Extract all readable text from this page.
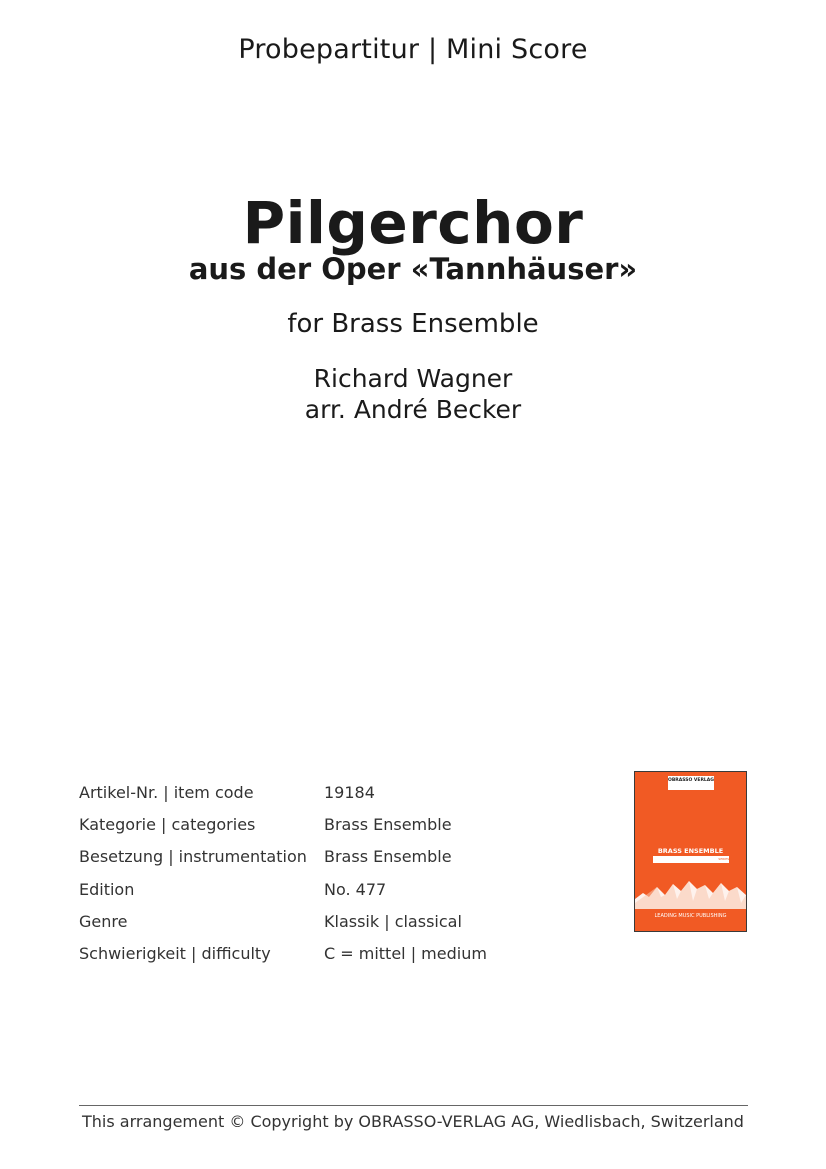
Probepartitur | Mini Score
Pilgerchor
aus der Oper «Tannhäuser»
for Brass Ensemble
Richard Wagner
arr. André Becker
Artikel-Nr. | item code	19184
Kategorie | categories	Brass Ensemble
Besetzung | instrumentation	Brass Ensemble
Edition	No. 477
Genre	Klassik | classical
Schwierigkeit | difficulty	C = mittel | medium
OBRASSO VERLAG
BRASS ENSEMBLE
SERIES
LEADING MUSIC PUBLISHING
This arrangement © Copyright by OBRASSO-VERLAG AG, Wiedlisbach, Switzerland
